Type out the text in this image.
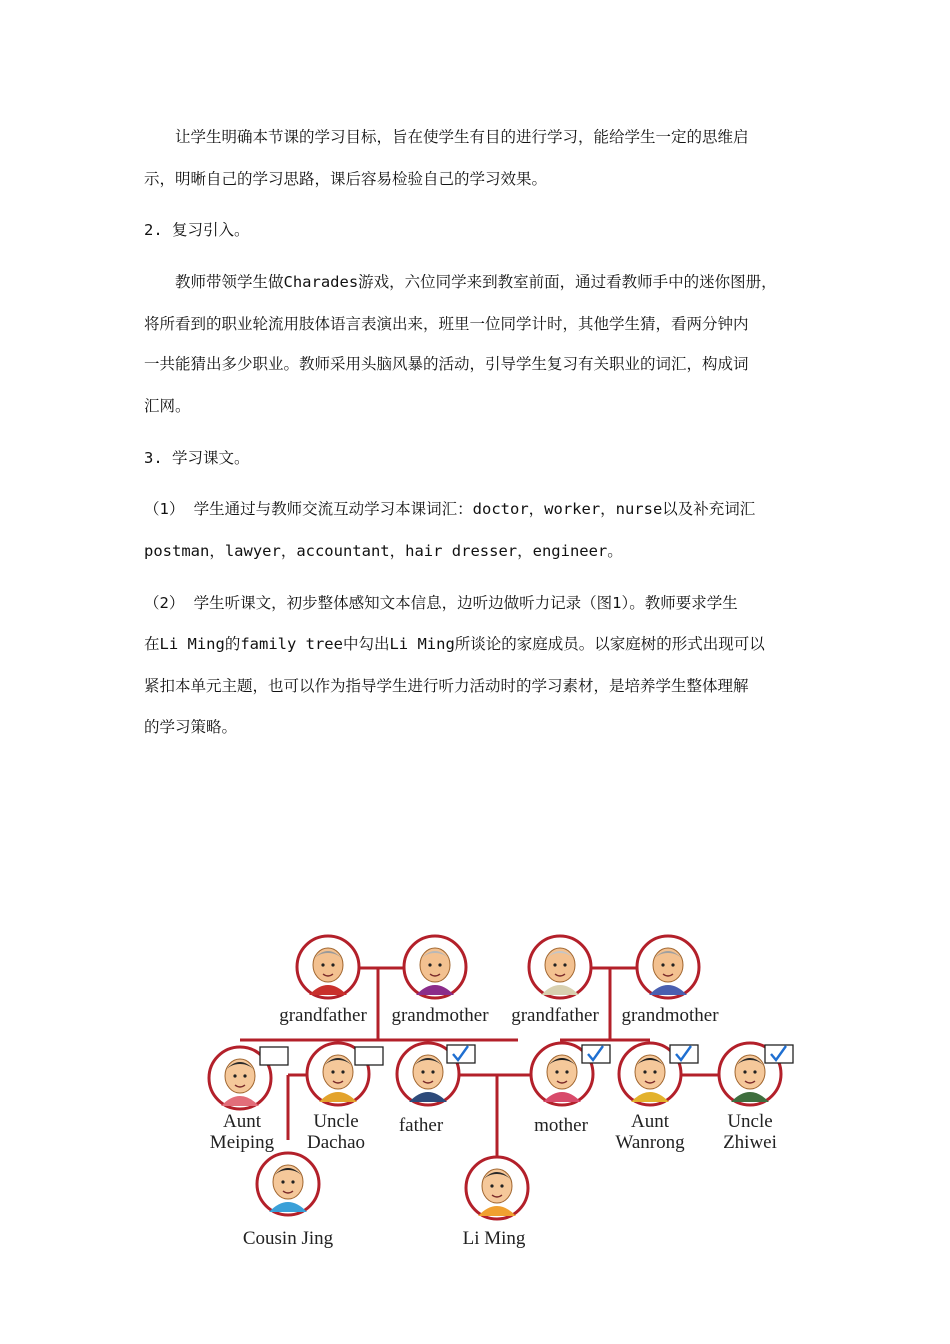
让学生明确本节课的学习目标，旨在使学生有目的进行学习，能给学生一定的思维启
示，明晰自己的学习思路，课后容易检验自己的学习效果。
2. 复习引入。
教师带领学生做Charades游戏，六位同学来到教室前面，通过看教师手中的迷你图册，
将所看到的职业轮流用肢体语言表演出来，班里一位同学计时，其他学生猜，看两分钟内
一共能猜出多少职业。教师采用头脑风暴的活动，引导学生复习有关职业的词汇，构成词
汇网。
3. 学习课文。
（1） 学生通过与教师交流互动学习本课词汇：doctor，worker，nurse以及补充词汇
postman，lawyer，accountant，hair dresser，engineer。
（2） 学生听课文，初步整体感知文本信息，边听边做听力记录（图1）。教师要求学生
在Li Ming的family tree中勾出Li Ming所谈论的家庭成员。以家庭树的形式出现可以
紧扣本单元主题，也可以作为指导学生进行听力活动时的学习素材，是培养学生整体理解
的学习策略。
grandfather grandmother grandfather grandmother
Aunt
Meiping
Uncle
Dachao
father	mother Aunt
Wanrong
Uncle
Zhiwei
Cousin Jing	Li Ming
